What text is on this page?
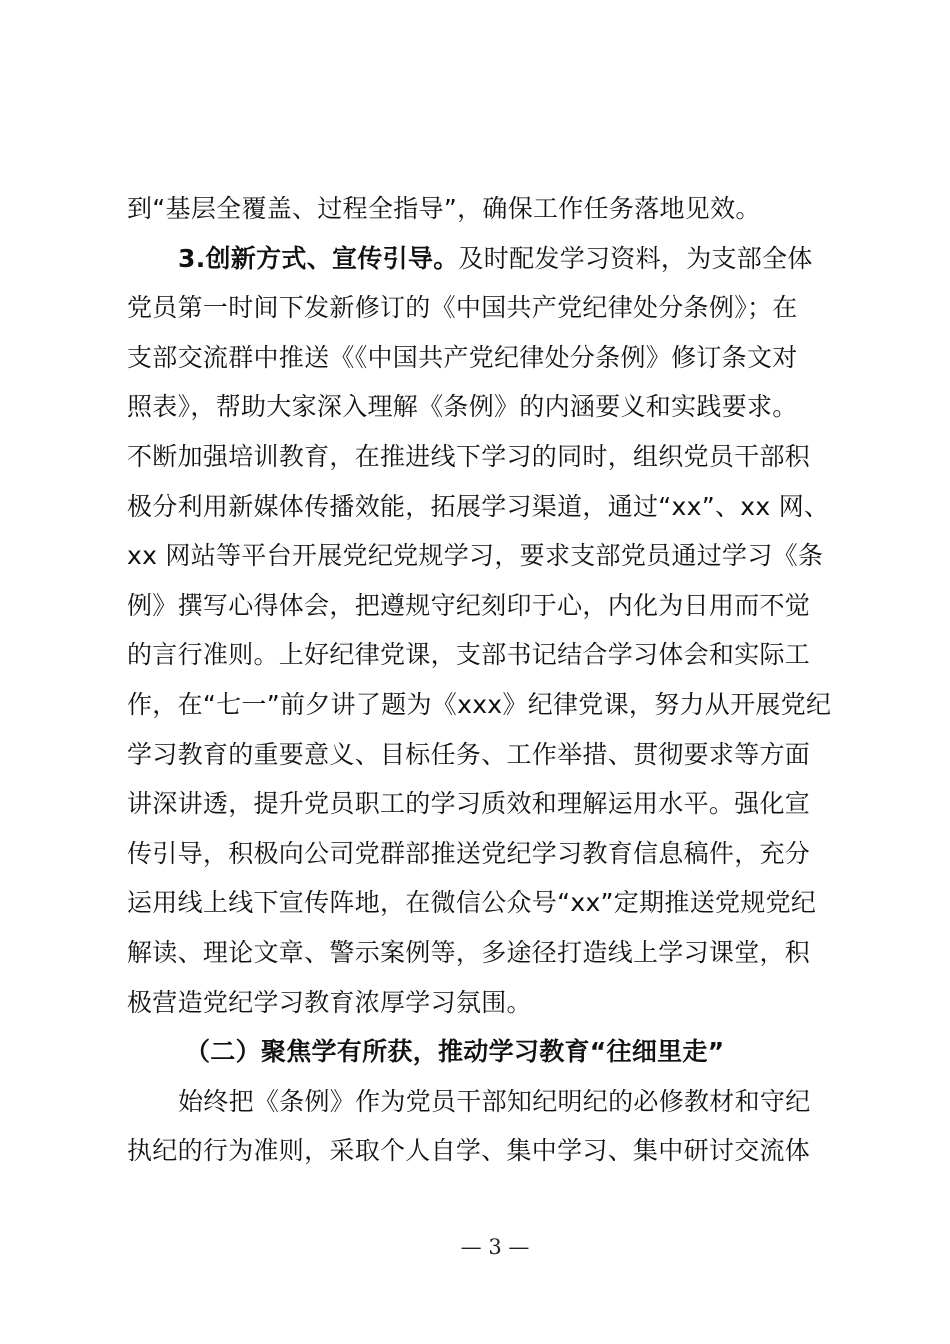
到“基层全覆盖、过程全指导”，确保工作任务落地见效。
3.创新方式、宣传引导。及时配发学习资料，为支部全体
党员第一时间下发新修订的《中国共产党纪律处分条例》；在
支部交流群中推送《《中国共产党纪律处分条例》修订条文对
照表》，帮助大家深入理解《条例》的内涵要义和实践要求。
不断加强培训教育，在推进线下学习的同时，组织党员干部积
极分利用新媒体传播效能，拓展学习渠道，通过“xx”、xx 网、
xx 网站等平台开展党纪党规学习，要求支部党员通过学习《条
例》撰写心得体会，把遵规守纪刻印于心，内化为日用而不觉
的言行准则。上好纪律党课，支部书记结合学习体会和实际工
作，在“七一”前夕讲了题为《xxx》纪律党课，努力从开展党纪
学习教育的重要意义、目标任务、工作举措、贯彻要求等方面
讲深讲透，提升党员职工的学习质效和理解运用水平。强化宣
传引导，积极向公司党群部推送党纪学习教育信息稿件，充分
运用线上线下宣传阵地，在微信公众号“xx”定期推送党规党纪
解读、理论文章、警示案例等，多途径打造线上学习课堂，积
极营造党纪学习教育浓厚学习氛围。
（二）聚焦学有所获，推动学习教育“往细里走”
始终把《条例》作为党员干部知纪明纪的必修教材和守纪
执纪的行为准则，采取个人自学、集中学习、集中研讨交流体
— 3 —
